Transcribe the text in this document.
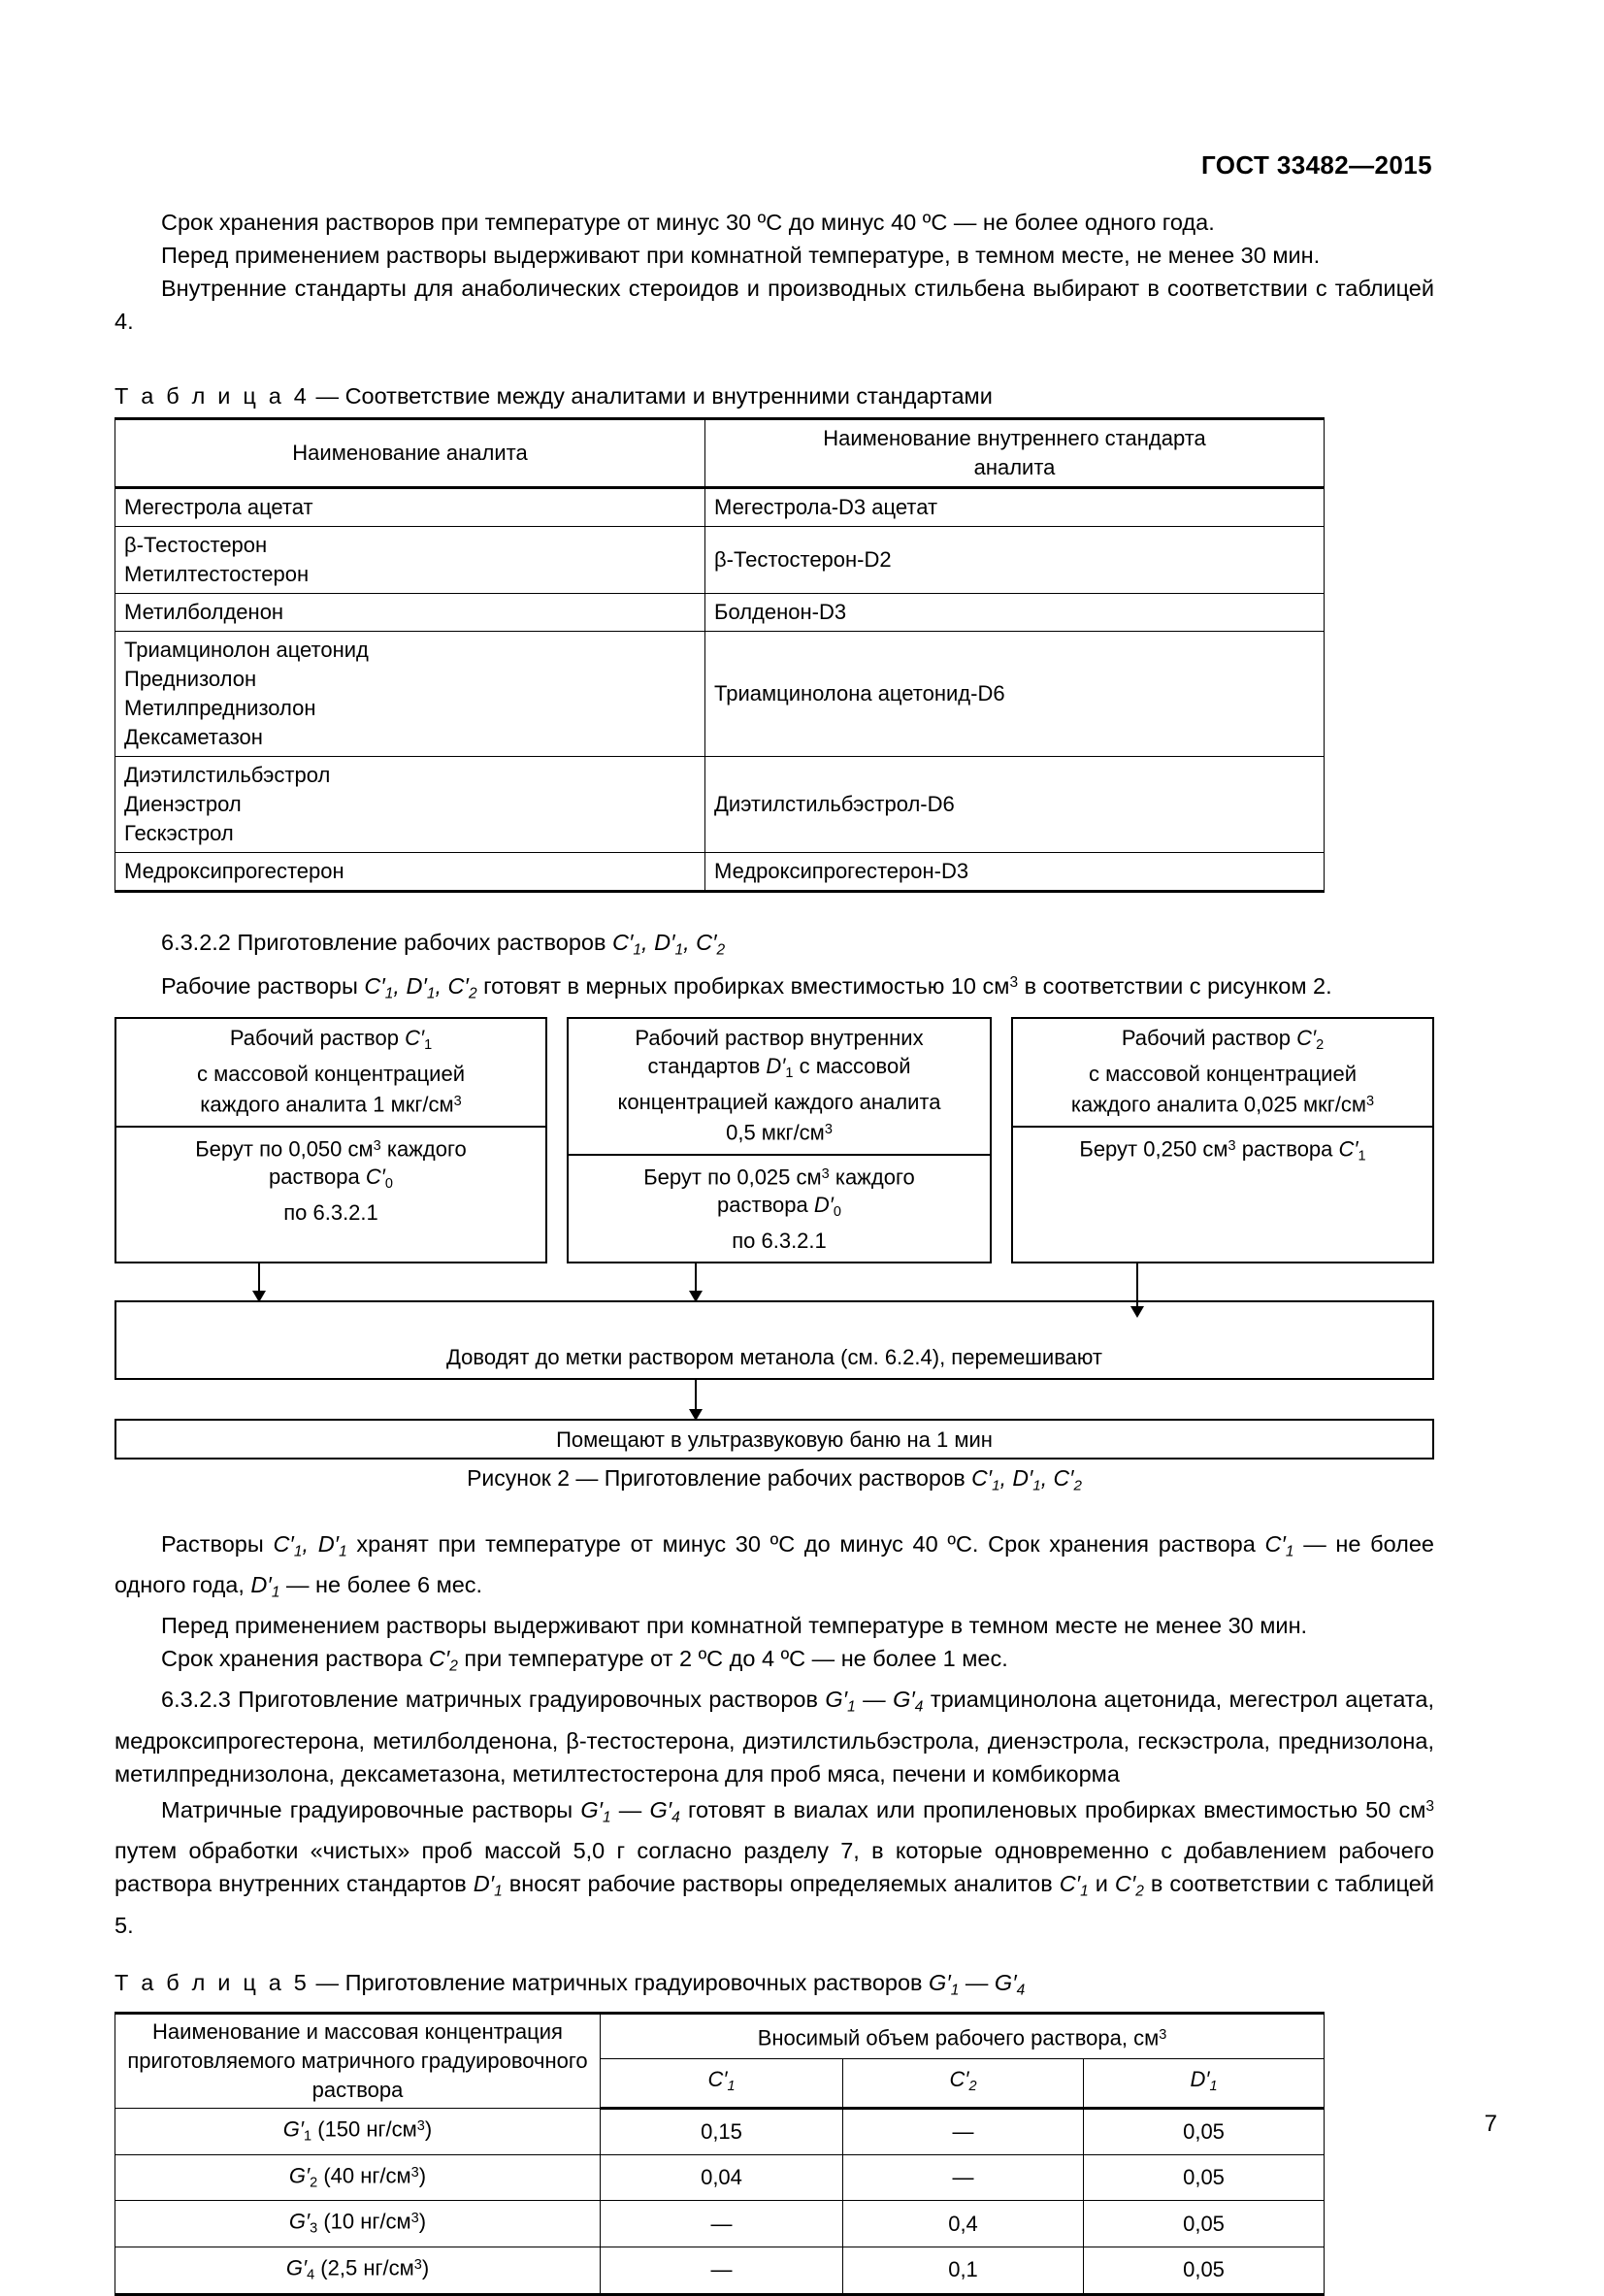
ГОСТ 33482—2015

Срок хранения растворов при температуре от минус 30 ºС до минус 40 ºС — не более одного года.

Перед применением растворы выдерживают при комнатной температуре, в темном месте, не менее 30 мин.

Внутренние стандарты для анаболических стероидов и производных стильбена выбирают в соответствии с таблицей 4.

Т а б л и ц а 4 — Соответствие между аналитами и внутренними стандартами
Наименование аналита	Наименование внутреннего стандарта
аналита

Мегестрола ацетат	Мегестрола-D3 ацетат

β-Тестостерон
Метилтестостерон	β-Тестостерон-D2

Метилболденон	Болденон-D3

Триамцинолон ацетонид
Преднизолон
Метилпреднизолон
Дексаметазон	Триамцинолона ацетонид-D6

Диэтилстильбэстрол
Диенэстрол
Гескэстрол	Диэтилстильбэстрол-D6

Медроксипрогестерон	Медроксипрогестерон-D3

6.3.2.2 Приготовление рабочих растворов $C'_1$, $D'_1$, $C'_2$

Рабочие растворы $C'_1$, $D'_1$, $C'_2$ готовят в мерных пробирках вместимостью 10 $см^3$ в соответствии с рисунком 2.

Рабочий раствор $C'_1$
с массовой концентрацией
каждого аналита 1 мкг/$см^3$
Берут по 0,050 $см^3$ каждого
раствора $C'_0$
по 6.3.2.1
Рабочий раствор внутренних
стандартов $D'_1$ с массовой
концентрацией каждого аналита
0,5 мкг/$см^3$
Берут по 0,025 $см^3$ каждого
раствора $D'_0$
по 6.3.2.1
Рабочий раствор $C'_2$
с массовой концентрацией
каждого аналита 0,025 мкг/$см^3$
Берут 0,250 $см^3$ раствора $C'_1$
Доводят до метки раствором метанола (см. 6.2.4), перемешивают
Помещают в ультразвуковую баню на 1 мин
Рисунок 2 — Приготовление рабочих растворов $C'_1$, $D'_1$, $C'_2$

Растворы $C'_1$, $D'_1$ хранят при температуре от минус 30 ºС до минус 40 ºС. Срок хранения раствора $C'_1$ — не более одного года, $D'_1$ — не более 6 мес.

Перед применением растворы выдерживают при комнатной температуре в темном месте не менее 30 мин.

Срок хранения раствора $C'_2$ при температуре от 2 ºС до 4 ºС — не более 1 мес.

6.3.2.3 Приготовление матричных градуировочных растворов $G'_1$ — $G'_4$ триамцинолона ацетонида, мегестрол ацетата, медроксипрогестерона, метилболденона, β-тестостерона, диэтилстильбэстрола, диенэстрола, гескэстрола, преднизолона, метилпреднизолона, дексаметазона, метилтестостерона для проб мяса, печени и комбикорма

Матричные градуировочные растворы $G'_1$ — $G'_4$ готовят в виалах или пропиленовых пробирках вместимостью 50 $см^3$ путем обработки «чистых» проб массой 5,0 г согласно разделу 7, в которые одновременно с добавлением рабочего раствора внутренних стандартов $D'_1$ вносят рабочие растворы определяемых аналитов $C'_1$ и $C'_2$ в соответствии с таблицей 5.

Т а б л и ц а 5 — Приготовление матричных градуировочных растворов $G'_1$ — $G'_4$
Наименование и массовая концентрация
приготовляемого матричного градуировочного
раствора	Вносимый объем рабочего раствора, $см^3$
	$C'_1$	$C'_2$	$D'_1$
$G'_1$ (150 $нг/см^3$)	0,15	—	0,05
$G'_2$ (40 $нг/см^3$)	0,04	—	0,05
$G'_3$ (10 $нг/см^3$)	—	0,4	0,05
$G'_4$ (2,5 $нг/см^3$)	—	0,1	0,05
7
